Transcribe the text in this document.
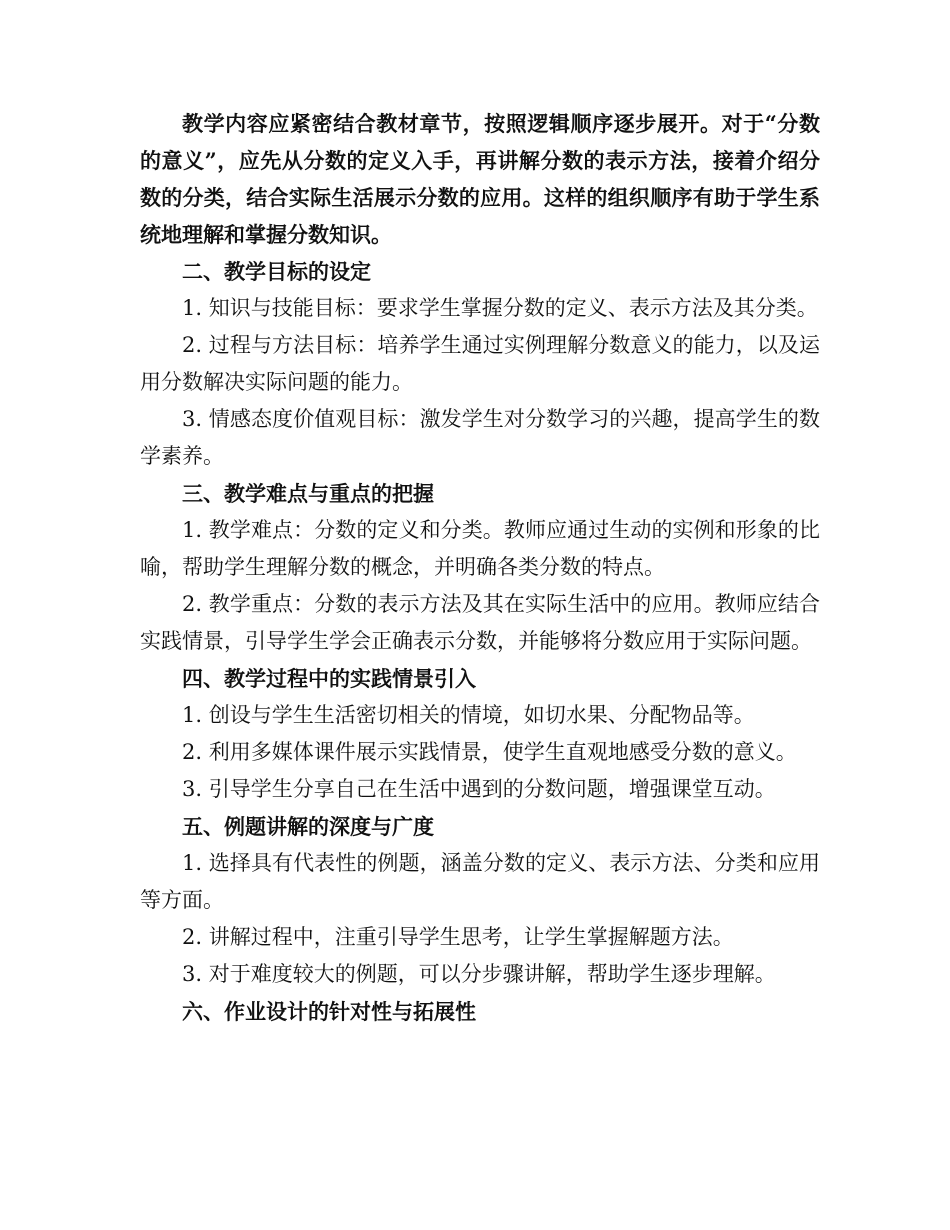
教学内容应紧密结合教材章节，按照逻辑顺序逐步展开。对于“分数的意义”，应先从分数的定义入手，再讲解分数的表示方法，接着介绍分数的分类，结合实际生活展示分数的应用。这样的组织顺序有助于学生系统地理解和掌握分数知识。

二、教学目标的设定

1. 知识与技能目标：要求学生掌握分数的定义、表示方法及其分类。

2. 过程与方法目标：培养学生通过实例理解分数意义的能力，以及运用分数解决实际问题的能力。

3. 情感态度价值观目标：激发学生对分数学习的兴趣，提高学生的数学素养。

三、教学难点与重点的把握

1. 教学难点：分数的定义和分类。教师应通过生动的实例和形象的比喻，帮助学生理解分数的概念，并明确各类分数的特点。

2. 教学重点：分数的表示方法及其在实际生活中的应用。教师应结合实践情景，引导学生学会正确表示分数，并能够将分数应用于实际问题。

四、教学过程中的实践情景引入

1. 创设与学生生活密切相关的情境，如切水果、分配物品等。

2. 利用多媒体课件展示实践情景，使学生直观地感受分数的意义。

3. 引导学生分享自己在生活中遇到的分数问题，增强课堂互动。

五、例题讲解的深度与广度

1. 选择具有代表性的例题，涵盖分数的定义、表示方法、分类和应用等方面。

2. 讲解过程中，注重引导学生思考，让学生掌握解题方法。

3. 对于难度较大的例题，可以分步骤讲解，帮助学生逐步理解。

六、作业设计的针对性与拓展性
